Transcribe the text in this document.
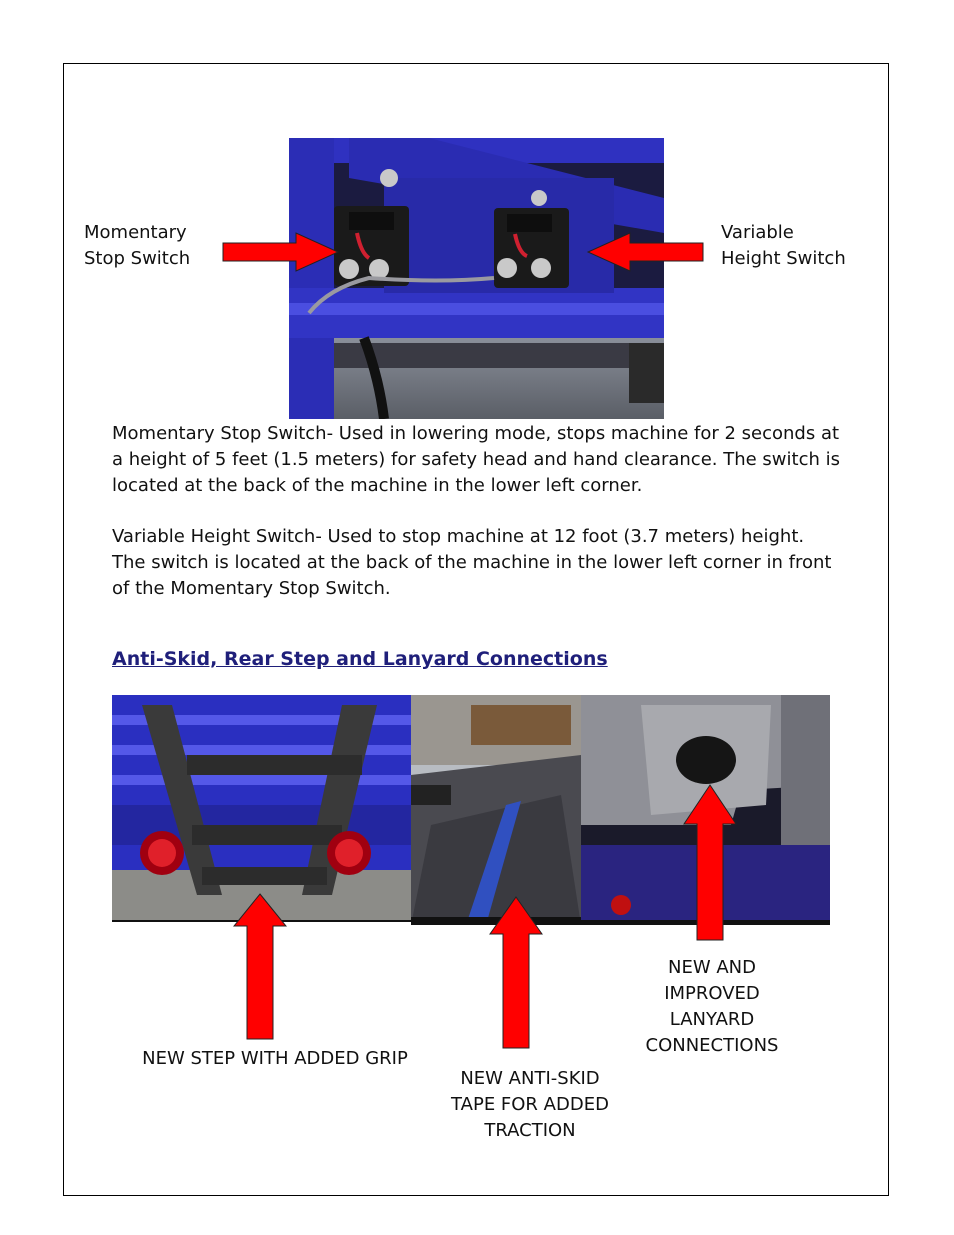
Momentary
Stop Switch
Variable
Height Switch
Momentary Stop Switch- Used in lowering mode, stops machine for 2 seconds at a height of 5 feet (1.5 meters) for safety head and hand clearance. The switch is located at the back of the machine in the lower left corner.
Variable Height Switch- Used to stop machine at 12 foot (3.7 meters) height. The switch is located at the back of the machine in the lower left corner in front of the Momentary Stop Switch.
Anti-Skid, Rear Step and Lanyard Connections
NEW STEP WITH ADDED GRIP
NEW ANTI-SKID
TAPE FOR ADDED
TRACTION
NEW AND
IMPROVED
LANYARD
CONNECTIONS
